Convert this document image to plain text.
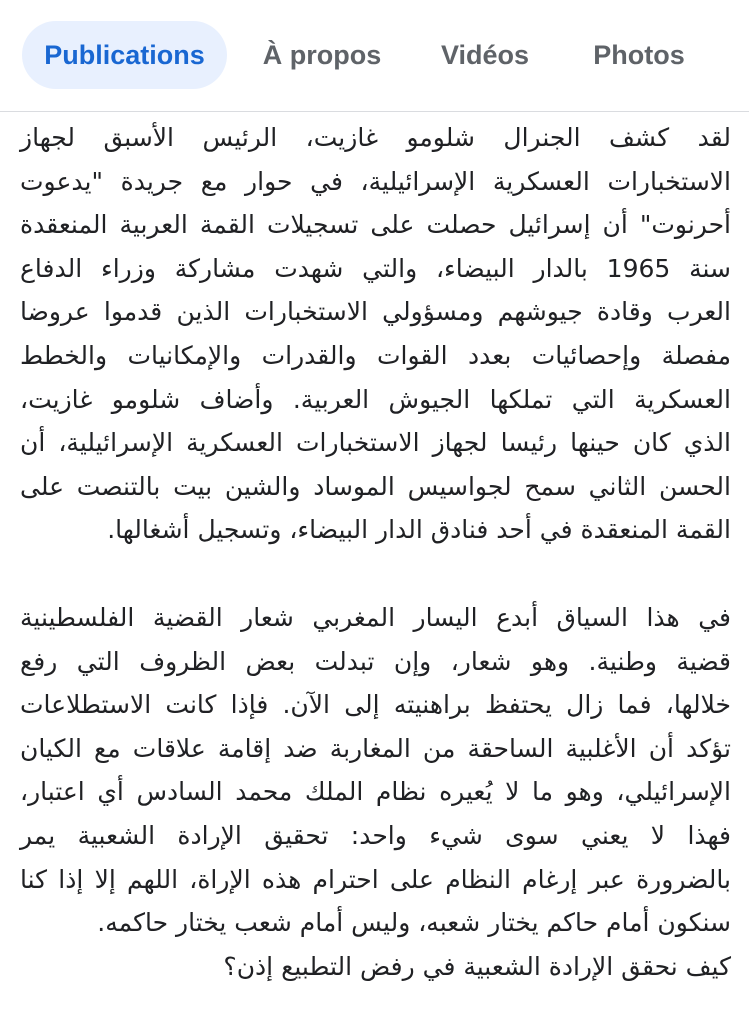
Publications	À propos	Vidéos	Photos

لقد كشف الجنرال شلومو غازيت، الرئيس الأسبق لجهاز
الاستخبارات العسكرية الإسرائيلية، في حوار مع جريدة "يدعوت
أحرنوت" أن إسرائيل حصلت على تسجيلات القمة العربية المنعقدة
سنة 1965 بالدار البيضاء، والتي شهدت مشاركة وزراء الدفاع
العرب وقادة جيوشهم ومسؤولي الاستخبارات الذين قدموا عروضا
مفصلة وإحصائيات بعدد القوات والقدرات والإمكانيات والخطط
العسكرية التي تملكها الجيوش العربية. وأضاف شلومو غازيت،
الذي كان حينها رئيسا لجهاز الاستخبارات العسكرية الإسرائيلية، أن
الحسن الثاني سمح لجواسيس الموساد والشين بيت بالتنصت على
القمة المنعقدة في أحد فنادق الدار البيضاء، وتسجيل أشغالها.

في هذا السياق أبدع اليسار المغربي شعار القضية الفلسطينية
قضية وطنية. وهو شعار، وإن تبدلت بعض الظروف التي رفع
خلالها، فما زال يحتفظ براهنيته إلى الآن. فإذا كانت الاستطلاعات
تؤكد أن الأغلبية الساحقة من المغاربة ضد إقامة علاقات مع الكيان
الإسرائيلي، وهو ما لا يُعيره نظام الملك محمد السادس أي اعتبار،
فهذا لا يعني سوى شيء واحد: تحقيق الإرادة الشعبية يمر
بالضرورة عبر إرغام النظام على احترام هذه الإراة، اللهم إلا إذا كنا
سنكون أمام حاكم يختار شعبه، وليس أمام شعب يختار حاكمه.
كيف نحقق الإرادة الشعبية في رفض التطبيع إذن؟
